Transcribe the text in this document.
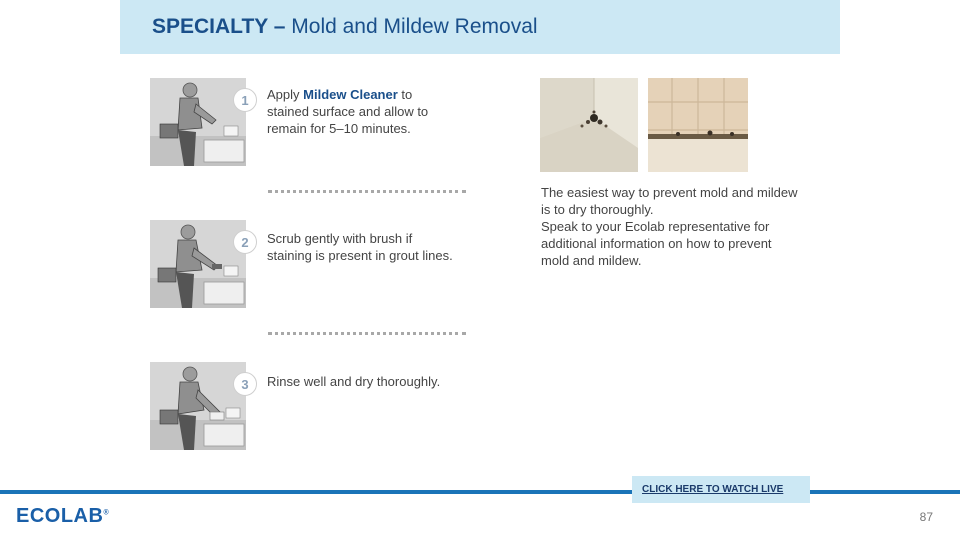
SPECIALTY – Mold and Mildew Removal
1	Apply Mildew Cleaner to stained surface and allow to remain for 5–10 minutes.
2	Scrub gently with brush if staining is present in grout lines.
3	Rinse well and dry thoroughly.
The easiest way to prevent mold and mildew is to dry thoroughly.
Speak to your Ecolab representative for additional information on how to prevent mold and mildew.
CLICK HERE TO WATCH LIVE
ECOLAB®	87
